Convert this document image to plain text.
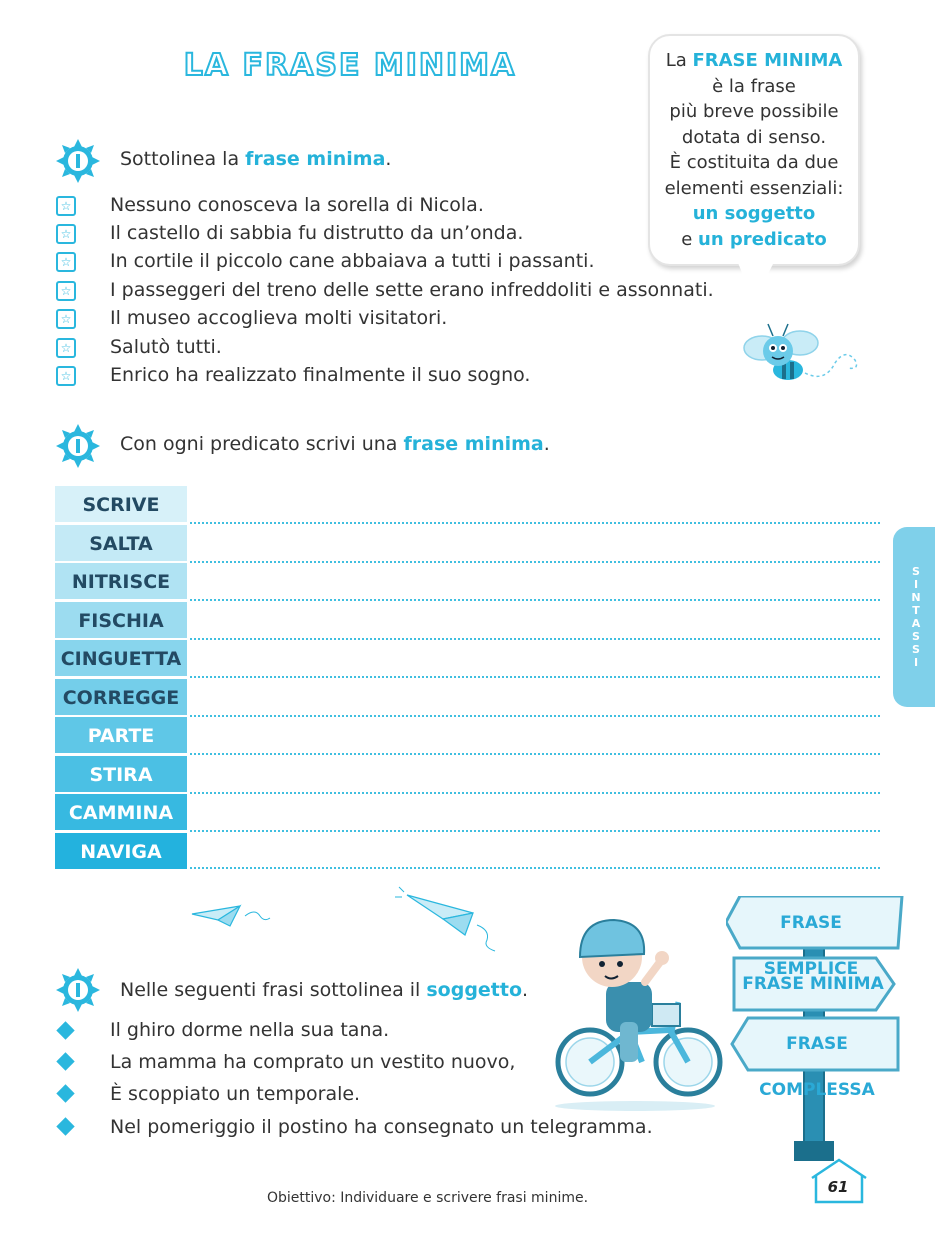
LA FRASE MINIMA	La FRASE MINIMA
è la frase
più breve possibile
dotata di senso.
È costituita da due
elementi essenziali:
un soggetto
e un predicato
Sottolinea la frase minima.
☆ Nessuno conosceva la sorella di Nicola.
☆ Il castello di sabbia fu distrutto da un’onda.
☆ In cortile il piccolo cane abbaiava a tutti i passanti.
☆ I passeggeri del treno delle sette erano infreddoliti e assonnati.
☆ Il museo accoglieva molti visitatori.
☆ Salutò tutti.
☆ Enrico ha realizzato finalmente il suo sogno.
Con ogni predicato scrivi una frase minima.
SCRIVE
SALTA
NITRISCE
FISCHIA
CINGUETTA
CORREGGE
PARTE
STIRA
CAMMINA
NAVIGA
SINTASSI
Nelle seguenti frasi sottolinea il soggetto.
Il ghiro dorme nella sua tana.
La mamma ha comprato un vestito nuovo,
È scoppiato un temporale.
Nel pomeriggio il postino ha consegnato un telegramma.
FRASE SEMPLICE
FRASE MINIMA
FRASE COMPLESSA
Obiettivo: Individuare e scrivere frasi minime.
61
